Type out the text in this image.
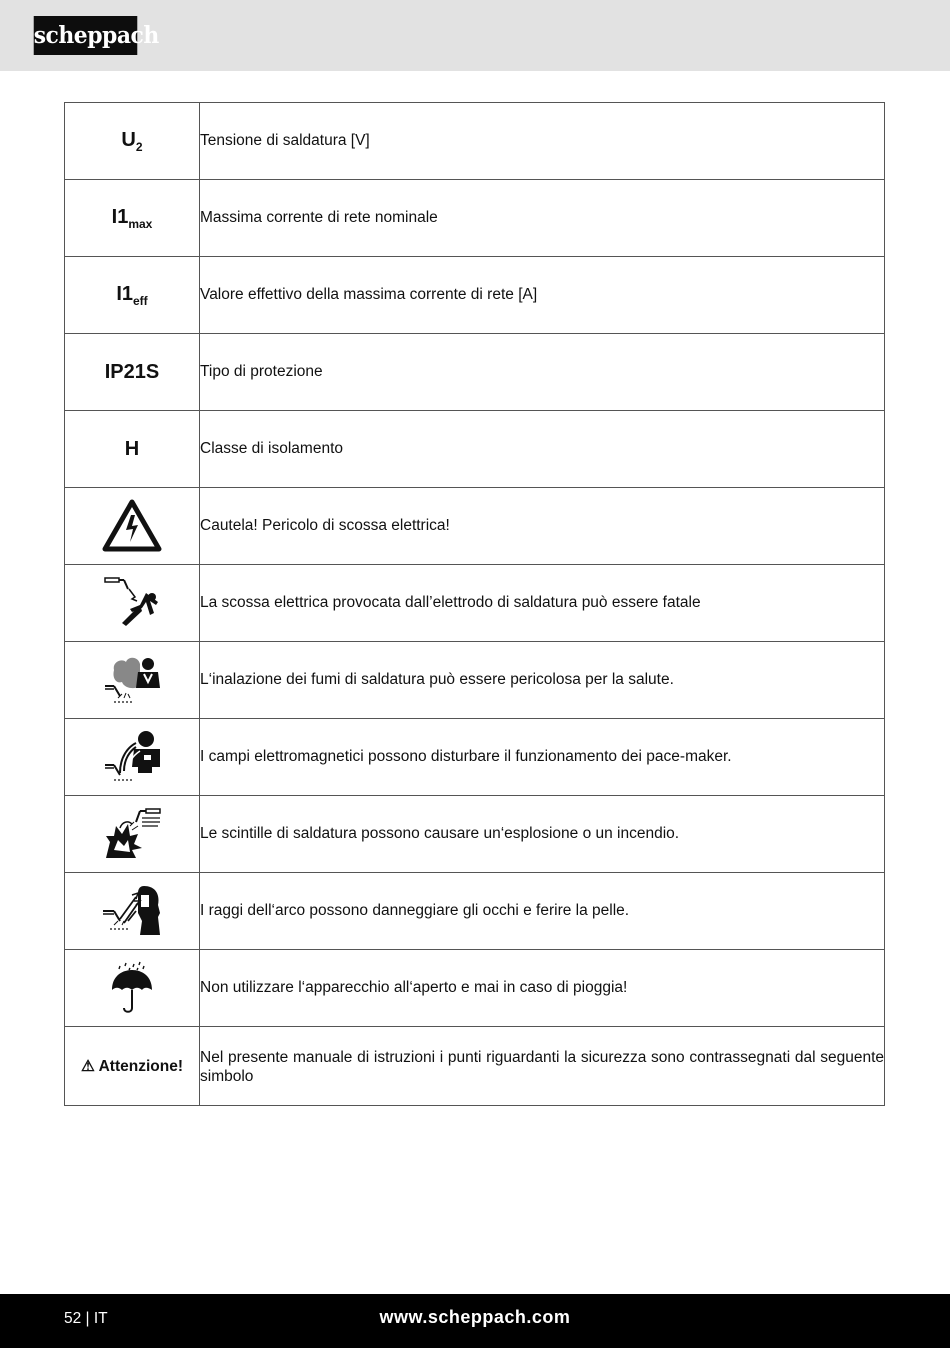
scheppach
$U_2$	Tensione di saldatura [V]
$I1_{max}$	Massima corrente di rete nominale
$I1_{eff}$	Valore effettivo della massima corrente di rete [A]
IP21S	Tipo di protezione
H	Classe di isolamento

	Cautela! Pericolo di scossa elettrica!

	La scossa elettrica provocata dall’elettrodo di saldatura può essere fatale

	L‘inalazione dei fumi di saldatura può essere pericolosa per la salute.

	I campi elettromagnetici possono disturbare il funzionamento dei pace-maker.

	Le scintille di saldatura possono causare un‘esplosione o un incendio.

	I raggi dell‘arco possono danneggiare gli occhi e ferire la pelle.

	Non utilizzare l‘apparecchio all‘aperto e mai in caso di pioggia!
⚠ Attenzione!	Nel presente manuale di istruzioni i punti riguardanti la sicurezza sono contrassegnati dal seguente simbolo
52 | IT	www.scheppach.com
